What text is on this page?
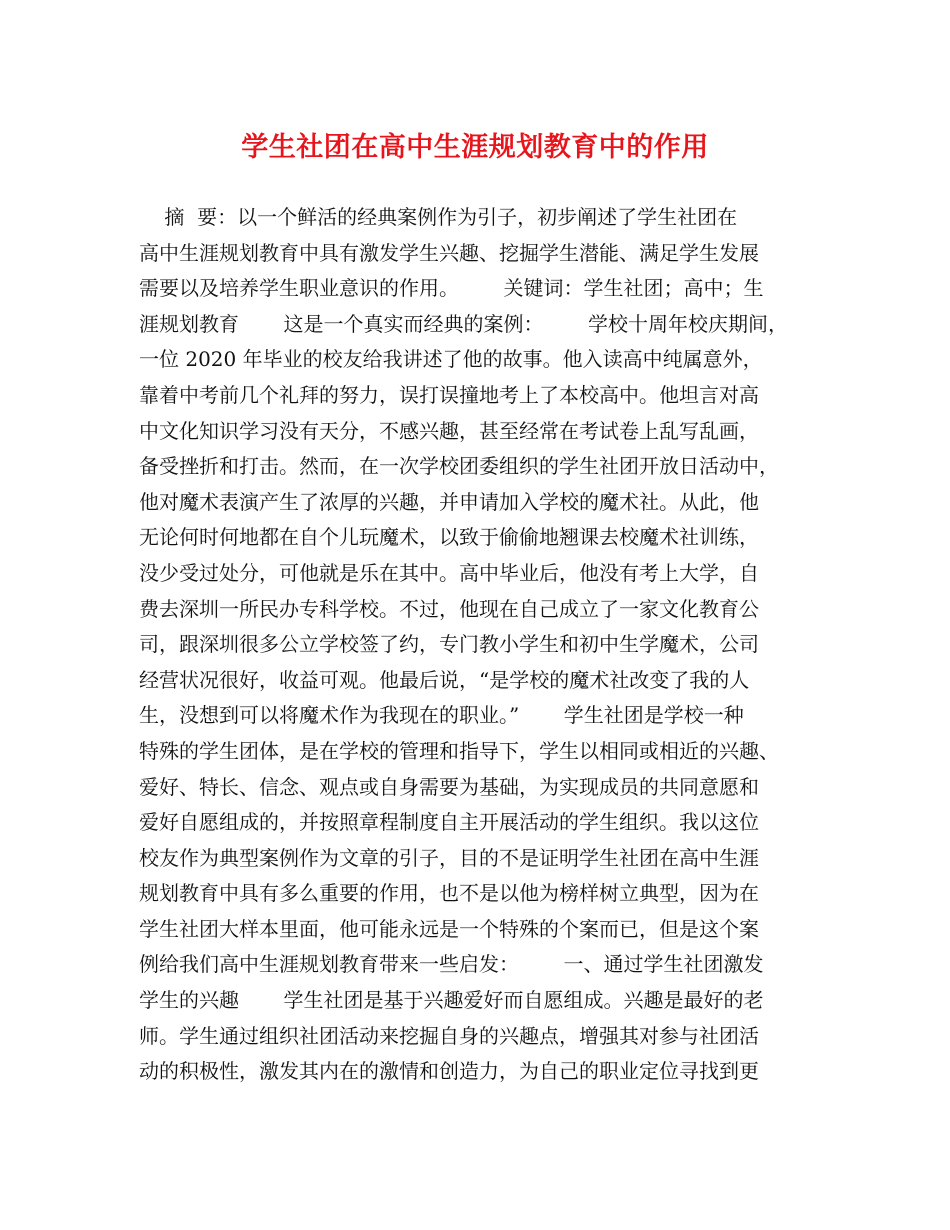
学生社团在高中生涯规划教育中的作用
摘  要：以一个鲜活的经典案例作为引子，初步阐述了学生社团在
高中生涯规划教育中具有激发学生兴趣、挖掘学生潜能、满足学生发展
需要以及培养学生职业意识的作用。       关键词：学生社团；高中；生
涯规划教育       这是一个真实而经典的案例：       学校十周年校庆期间，
一位 2020 年毕业的校友给我讲述了他的故事。他入读高中纯属意外，
靠着中考前几个礼拜的努力，误打误撞地考上了本校高中。他坦言对高
中文化知识学习没有天分，不感兴趣，甚至经常在考试卷上乱写乱画，
备受挫折和打击。然而，在一次学校团委组织的学生社团开放日活动中，
他对魔术表演产生了浓厚的兴趣，并申请加入学校的魔术社。从此，他
无论何时何地都在自个儿玩魔术，以致于偷偷地翘课去校魔术社训练，
没少受过处分，可他就是乐在其中。高中毕业后，他没有考上大学，自
费去深圳一所民办专科学校。不过，他现在自己成立了一家文化教育公
司，跟深圳很多公立学校签了约，专门教小学生和初中生学魔术，公司
经营状况很好，收益可观。他最后说，“是学校的魔术社改变了我的人
生，没想到可以将魔术作为我现在的职业。”       学生社团是学校一种
特殊的学生团体，是在学校的管理和指导下，学生以相同或相近的兴趣、
爱好、特长、信念、观点或自身需要为基础，为实现成员的共同意愿和
爱好自愿组成的，并按照章程制度自主开展活动的学生组织。我以这位
校友作为典型案例作为文章的引子，目的不是证明学生社团在高中生涯
规划教育中具有多么重要的作用，也不是以他为榜样树立典型，因为在
学生社团大样本里面，他可能永远是一个特殊的个案而已，但是这个案
例给我们高中生涯规划教育带来一些启发：       一、通过学生社团激发
学生的兴趣       学生社团是基于兴趣爱好而自愿组成。兴趣是最好的老
师。学生通过组织社团活动来挖掘自身的兴趣点，增强其对参与社团活
动的积极性，激发其内在的激情和创造力，为自己的职业定位寻找到更
